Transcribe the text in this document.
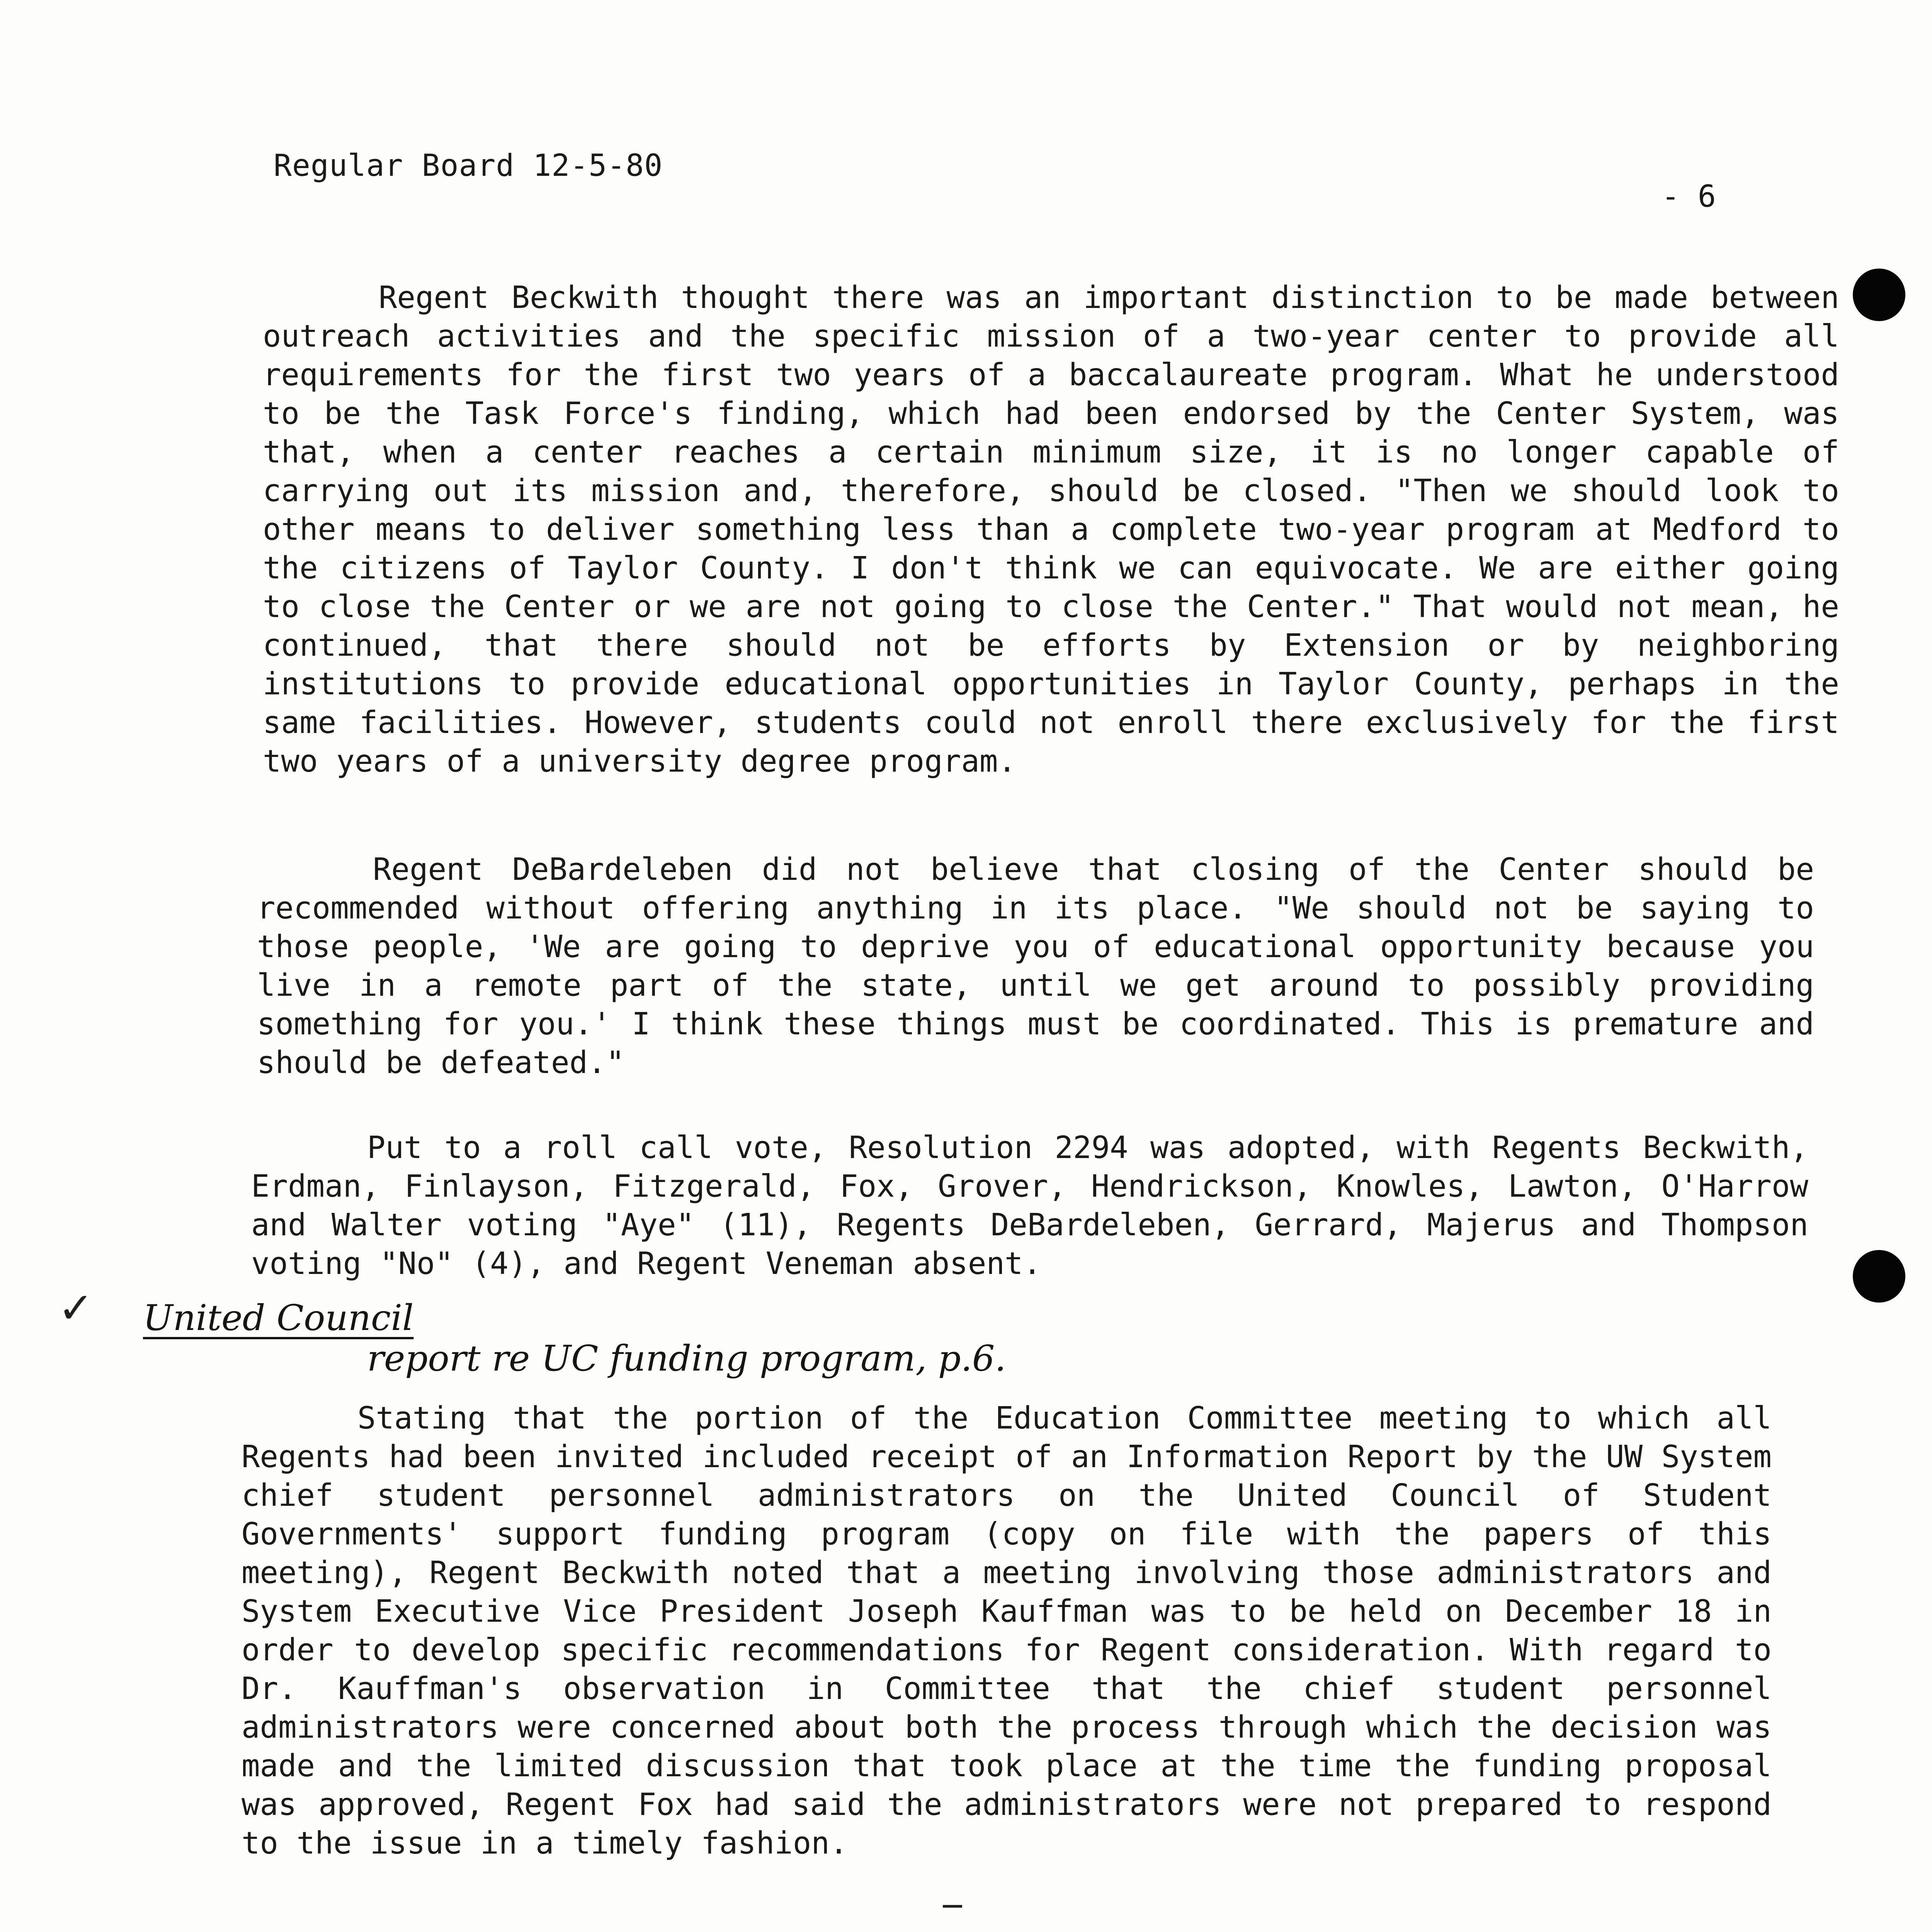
Regular Board 12-5-80
- 6

Regent Beckwith thought there was an important distinction to be made between outreach activities and the specific mission of a two-year center to provide all requirements for the first two years of a baccalaureate program. What he understood to be the Task Force's finding, which had been endorsed by the Center System, was that, when a center reaches a certain minimum size, it is no longer capable of carrying out its mission and, therefore, should be closed. "Then we should look to other means to deliver something less than a complete two-year program at Medford to the citizens of Taylor County. I don't think we can equivocate. We are either going to close the Center or we are not going to close the Center." That would not mean, he continued, that there should not be efforts by Extension or by neighboring institutions to provide educational opportunities in Taylor County, perhaps in the same facilities. However, students could not enroll there exclusively for the first two years of a university degree program.

Regent DeBardeleben did not believe that closing of the Center should be recommended without offering anything in its place. "We should not be saying to those people, 'We are going to deprive you of educational opportunity because you live in a remote part of the state, until we get around to possibly providing something for you.' I think these things must be coordinated. This is premature and should be defeated."

Put to a roll call vote, Resolution 2294 was adopted, with Regents Beckwith, Erdman, Finlayson, Fitzgerald, Fox, Grover, Hendrickson, Knowles, Lawton, O'Harrow and Walter voting "Aye" (11), Regents DeBardeleben, Gerrard, Majerus and Thompson voting "No" (4), and Regent Veneman absent.

✓ United Council
report re UC funding program, p.6.

Stating that the portion of the Education Committee meeting to which all Regents had been invited included receipt of an Information Report by the UW System chief student personnel administrators on the United Council of Student Governments' support funding program (copy on file with the papers of this meeting), Regent Beckwith noted that a meeting involving those administrators and System Executive Vice President Joseph Kauffman was to be held on December 18 in order to develop specific recommendations for Regent consideration. With regard to Dr. Kauffman's observation in Committee that the chief student personnel administrators were concerned about both the process through which the decision was made and the limited discussion that took place at the time the funding proposal was approved, Regent Fox had said the administrators were not prepared to respond to the issue in a timely fashion.
